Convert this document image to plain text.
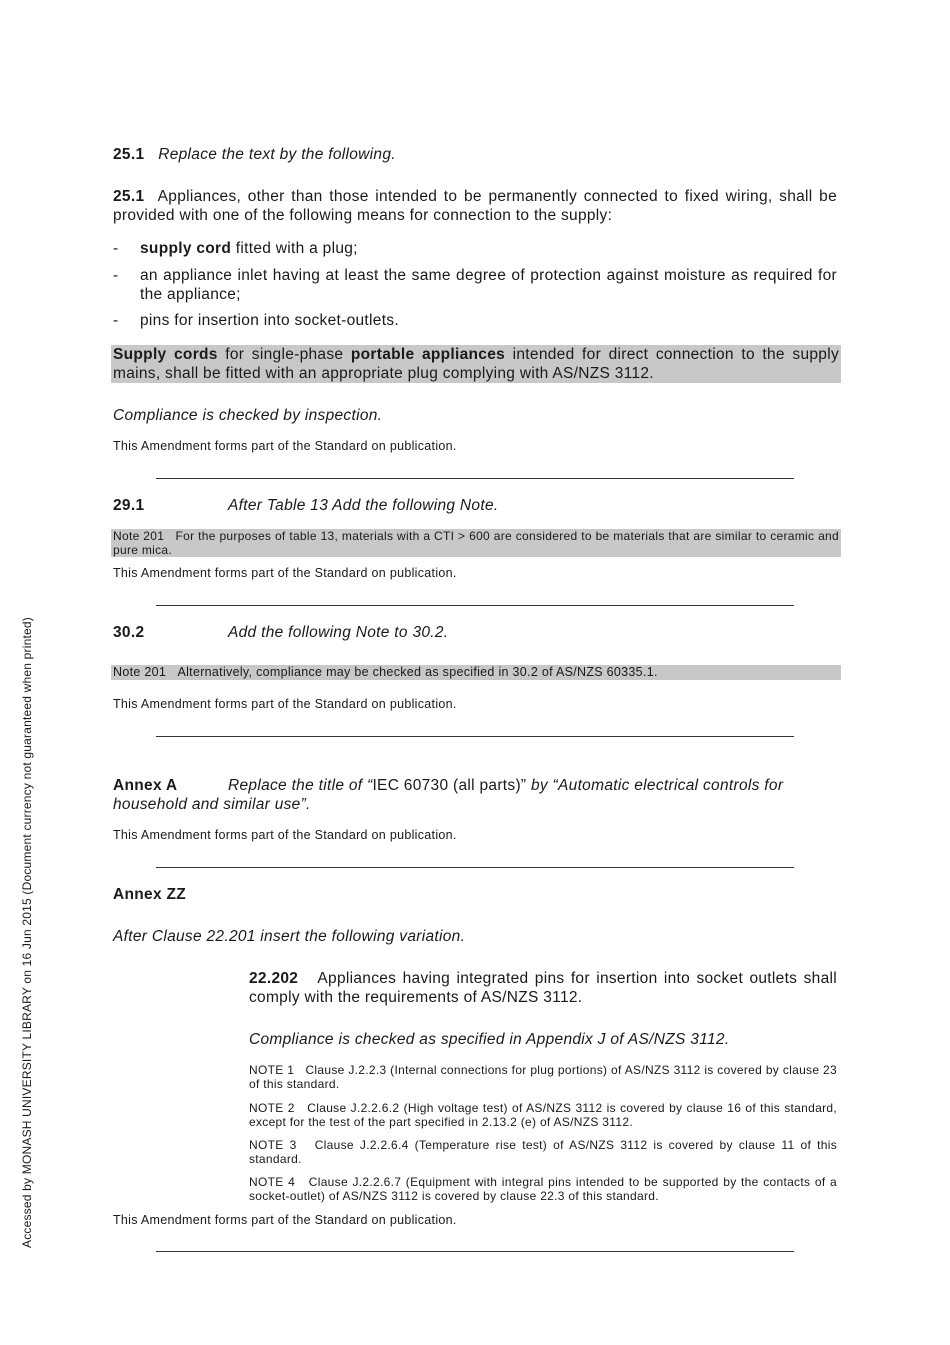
Accessed by MONASH UNIVERSITY LIBRARY on 16 Jun 2015 (Document currency not guaranteed when printed)

25.1 Replace the text by the following.

25.1 Appliances, other than those intended to be permanently connected to fixed wiring, shall be provided with one of the following means for connection to the supply:

- supply cord fitted with a plug;
- an appliance inlet having at least the same degree of protection against moisture as required for the appliance;
- pins for insertion into socket-outlets.

Supply cords for single-phase portable appliances intended for direct connection to the supply mains, shall be fitted with an appropriate plug complying with AS/NZS 3112.

Compliance is checked by inspection.

This Amendment forms part of the Standard on publication.

29.1	After Table 13 Add the following Note.

Note 201 For the purposes of table 13, materials with a CTI > 600 are considered to be materials that are similar to ceramic and pure mica.

This Amendment forms part of the Standard on publication.

30.2	Add the following Note to 30.2.

Note 201 Alternatively, compliance may be checked as specified in 30.2 of AS/NZS 60335.1.

This Amendment forms part of the Standard on publication.

Annex A	Replace the title of “IEC 60730 (all parts)” by “Automatic electrical controls for household and similar use”.

This Amendment forms part of the Standard on publication.

Annex ZZ

After Clause 22.201 insert the following variation.

22.202 Appliances having integrated pins for insertion into socket outlets shall comply with the requirements of AS/NZS 3112.

Compliance is checked as specified in Appendix J of AS/NZS 3112.

NOTE 1 Clause J.2.2.3 (Internal connections for plug portions) of AS/NZS 3112 is covered by clause 23 of this standard.

NOTE 2 Clause J.2.2.6.2 (High voltage test) of AS/NZS 3112 is covered by clause 16 of this standard, except for the test of the part specified in 2.13.2 (e) of AS/NZS 3112.

NOTE 3 Clause J.2.2.6.4 (Temperature rise test) of AS/NZS 3112 is covered by clause 11 of this standard.

NOTE 4 Clause J.2.2.6.7 (Equipment with integral pins intended to be supported by the contacts of a socket-outlet) of AS/NZS 3112 is covered by clause 22.3 of this standard.

This Amendment forms part of the Standard on publication.
